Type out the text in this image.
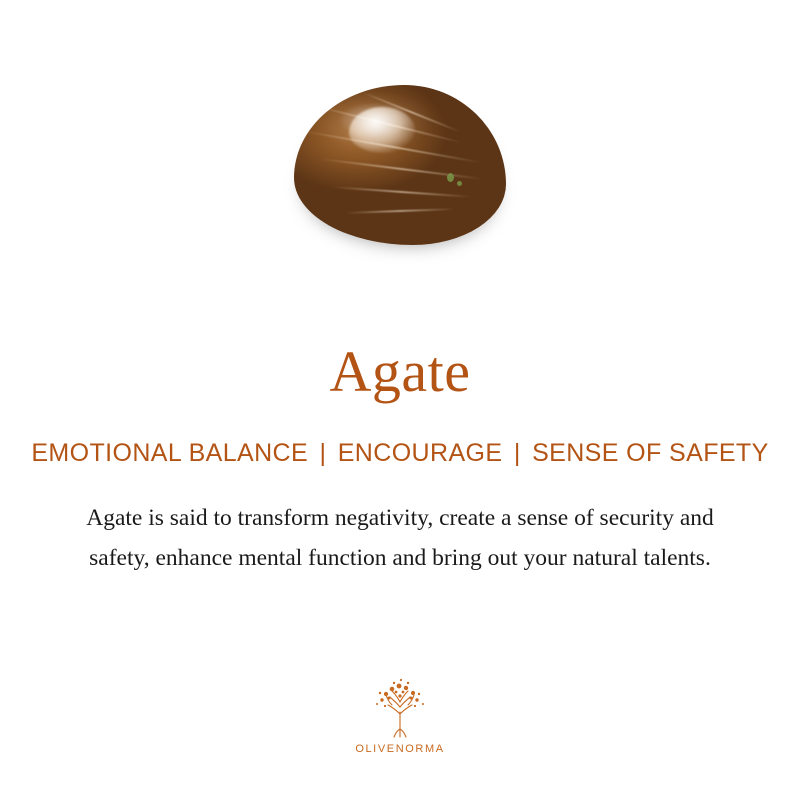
Agate
EMOTIONAL BALANCE | ENCOURAGE | SENSE OF SAFETY

Agate is said to transform negativity, create a sense of security and safety, enhance mental function and bring out your natural talents.

OLIVENORMA
